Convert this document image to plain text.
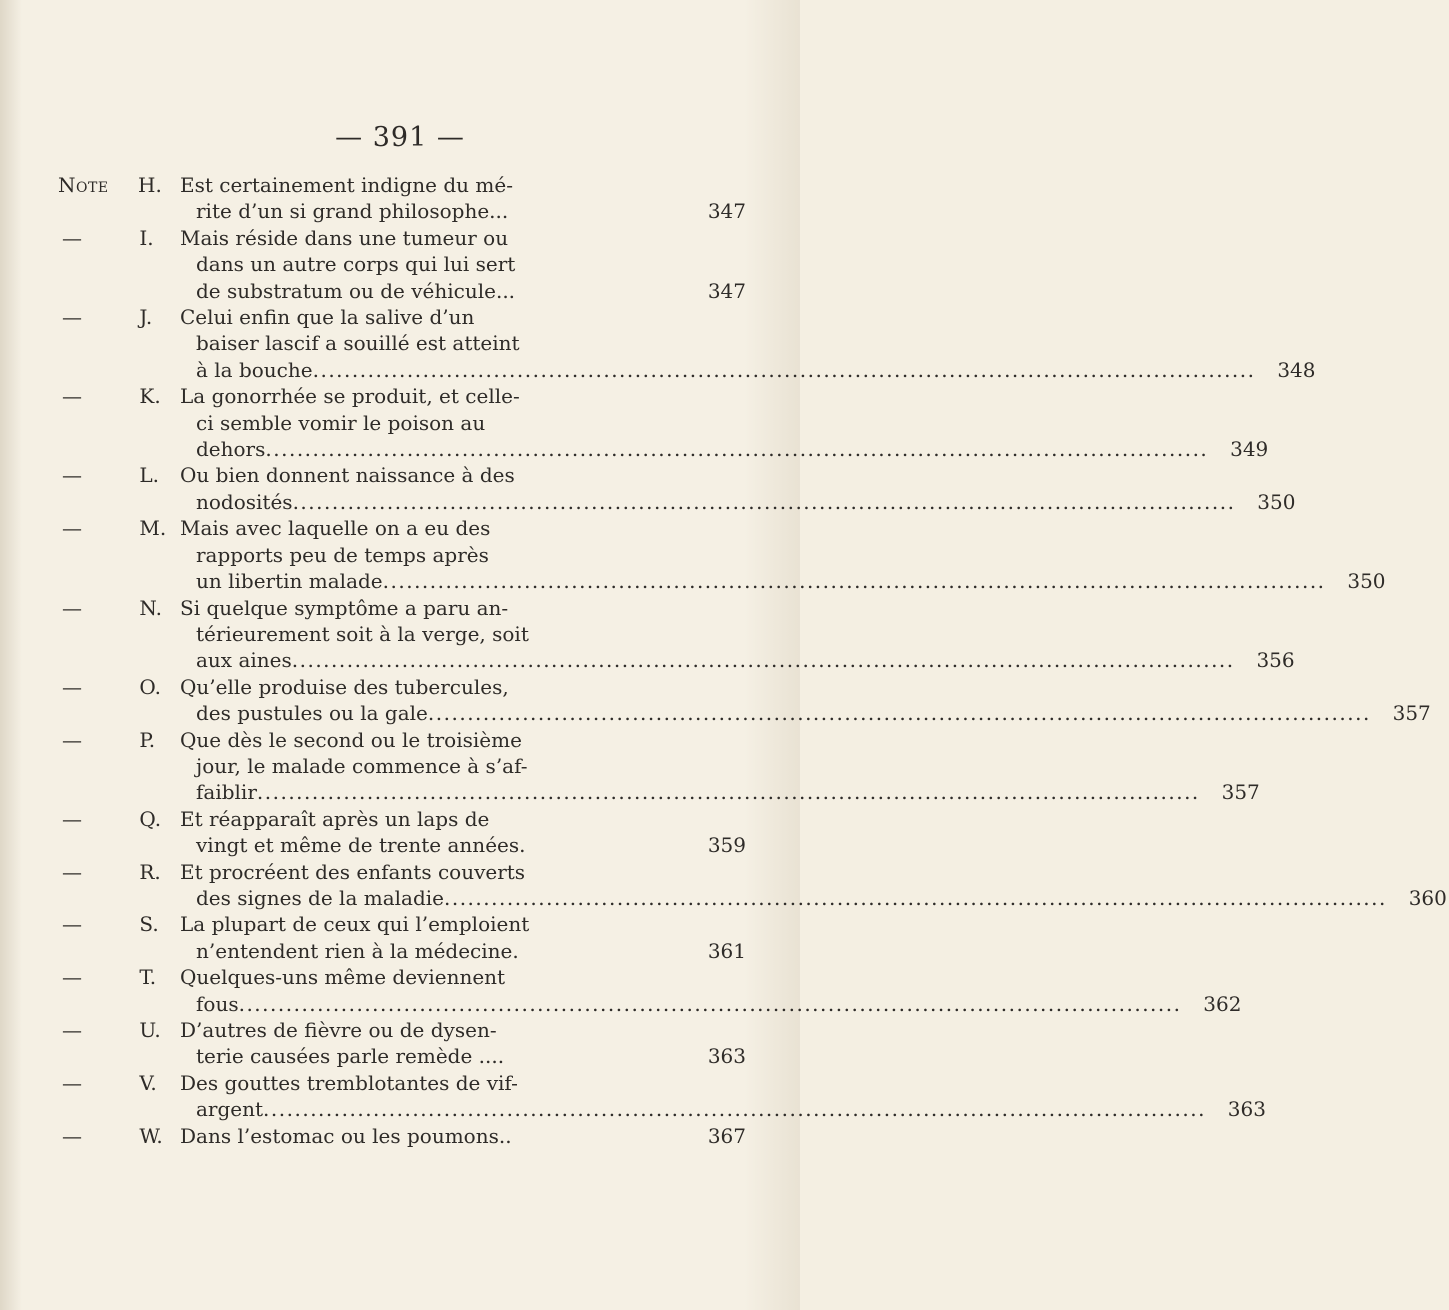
— 391 —
Note	H. Est certainement indigne du mé-
rite d’un si grand philosophe...	347
—	I.	Mais réside dans une tumeur ou
dans un autre corps qui lui sert
de substratum ou de véhicule...	347
—	J.	Celui enfin que la salive d’un
baiser lascif a souillé est atteint
à la bouche ........................................................................................................................	348
—	K. La gonorrhée se produit, et celle-
ci semble vomir le poison au
dehors ........................................................................................................................	349
—	L.	Ou bien donnent naissance à des
nodosités ........................................................................................................................	350
—	M. Mais avec laquelle on a eu des
rapports peu de temps après
un libertin malade ........................................................................................................................	350
—	N. Si quelque symptôme a paru an-
térieurement soit à la verge, soit
aux aines ........................................................................................................................	356
—	O. Qu’elle produise des tubercules,
des pustules ou la gale ........................................................................................................................	357
—	P.	Que dès le second ou le troisième
jour, le malade commence à s’af-
faiblir ........................................................................................................................	357
—	Q. Et réapparaît après un laps de
vingt et même de trente années.	359
—	R. Et procréent des enfants couverts
des signes de la maladie ........................................................................................................................	360
—	S.	La plupart de ceux qui l’emploient
n’entendent rien à la médecine.	361
—	T.	Quelques-uns même deviennent
fous ........................................................................................................................	362
—	U. D’autres de fièvre ou de dysen-
terie causées parle remède ....	363
—	V.	Des gouttes tremblotantes de vif-
argent ........................................................................................................................	363
—	W. Dans l’estomac ou les poumons..	367
